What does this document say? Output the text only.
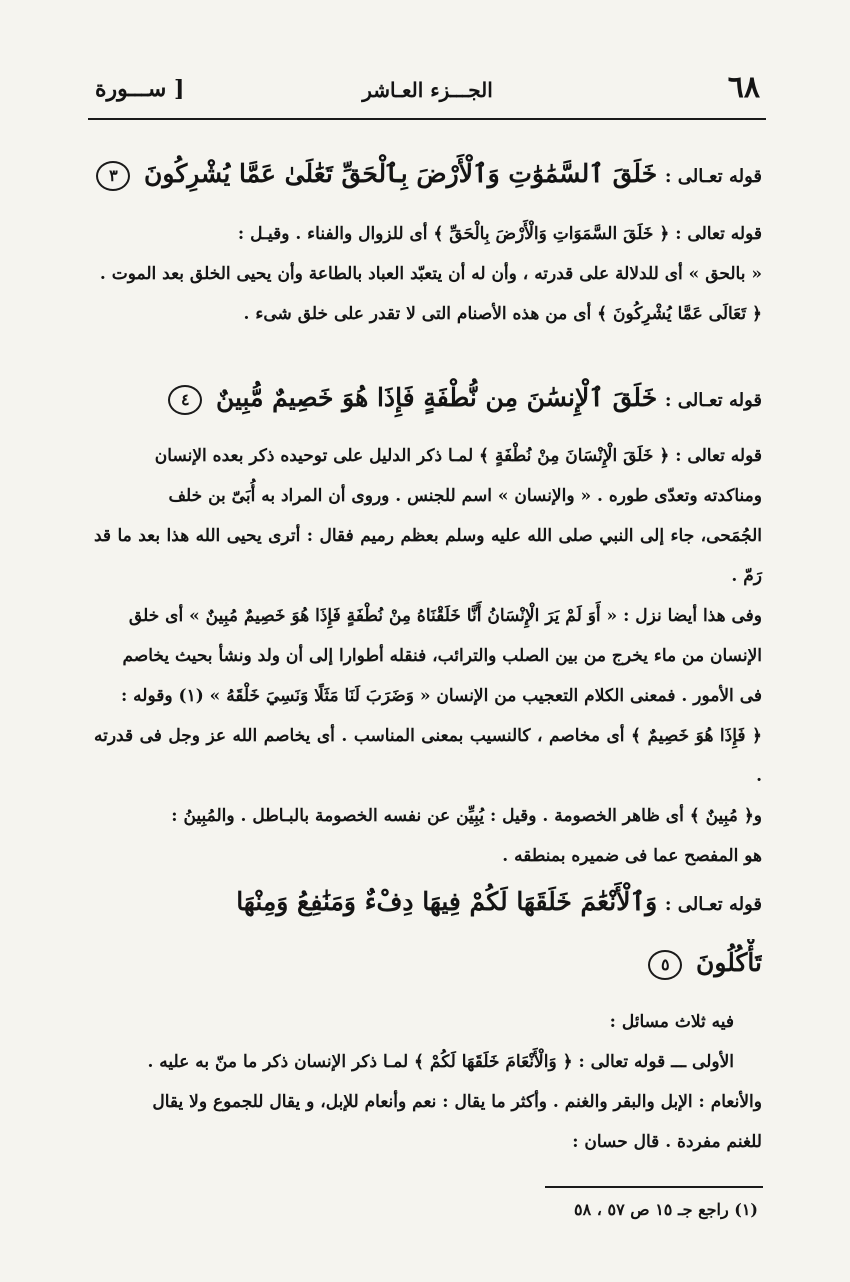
٦٨
الجـــزء العـاشر
[ ســـورة
قوله تعـالى : خَلَقَ ٱلسَّمَٰوَٰتِ وَٱلْأَرْضَ بِٱلْحَقِّ تَعَٰلَىٰ عَمَّا يُشْرِكُونَ ٣
قوله تعالى : ﴿ خَلَقَ السَّمَوَاتِ وَالْأَرْضَ بِالْحَقِّ ﴾ أى للزوال والفناء . وقيـل :
« بالحق » أى للدلالة على قدرته ، وأن له أن يتعبّد العباد بالطاعة وأن يحيى الخلق بعد الموت .
﴿ تَعَالَى عَمَّا يُشْرِكُونَ ﴾ أى من هذه الأصنام التى لا تقدر على خلق شىء .
قوله تعـالى : خَلَقَ ٱلْإِنسَٰنَ مِن نُّطْفَةٍ فَإِذَا هُوَ خَصِيمٌ مُّبِينٌ ٤
قوله تعالى : ﴿ خَلَقَ الْإِنْسَانَ مِنْ نُطْفَةٍ ﴾ لمـا ذكر الدليل على توحيده ذكر بعده الإنسان
ومناكدته وتعدّى طوره . « والإنسان » اسم للجنس . وروى أن المراد به أُبَىّ بن خلف
الجُمَحى، جاء إلى النبي صلى الله عليه وسلم بعظم رميم فقال : أترى يحيى الله هذا بعد ما قد رَمّ .
وفى هذا أيضا نزل : « أَوَ لَمْ يَرَ الْإِنْسَانُ أَنَّا خَلَقْنَاهُ مِنْ نُطْفَةٍ فَإِذَا هُوَ خَصِيمٌ مُبِينٌ » أى خلق
الإنسان من ماء يخرج من بين الصلب والترائب، فنقله أطوارا إلى أن ولد ونشأ بحيث يخاصم
فى الأمور . فمعنى الكلام التعجيب من الإنسان « وَضَرَبَ لَنَا مَثَلًا وَنَسِيَ خَلْقَهُ » (١) وقوله :
﴿ فَإِذَا هُوَ خَصِيمٌ ﴾ أى مخاصم ، كالنسيب بمعنى المناسب . أى يخاصم الله عز وجل فى قدرته .
و﴿ مُبِينٌ ﴾ أى ظاهر الخصومة . وقيل : يُبِيِّن عن نفسه الخصومة بالبـاطل . والمُبِينُ :
هو المفصح عما فى ضميره بمنطقه .
قوله تعـالى : وَٱلْأَنْعَٰمَ خَلَقَهَا لَكُمْ فِيهَا دِفْءٌ وَمَنَٰفِعُ وَمِنْهَا
تَأْكُلُونَ ٥
فيه ثلاث مسائل :
الأولى ـــ قوله تعالى : ﴿ وَالْأَنْعَامَ خَلَقَهَا لَكُمْ ﴾ لمـا ذكر الإنسان ذكر ما منّ به عليه .
والأنعام : الإبل والبقر والغنم . وأكثر ما يقال : نعم وأنعام للإبل، و يقال للجموع ولا يقال
للغنم مفردة . قال حسان :
(١) راجع جـ ١٥ ص ٥٧ ، ٥٨
